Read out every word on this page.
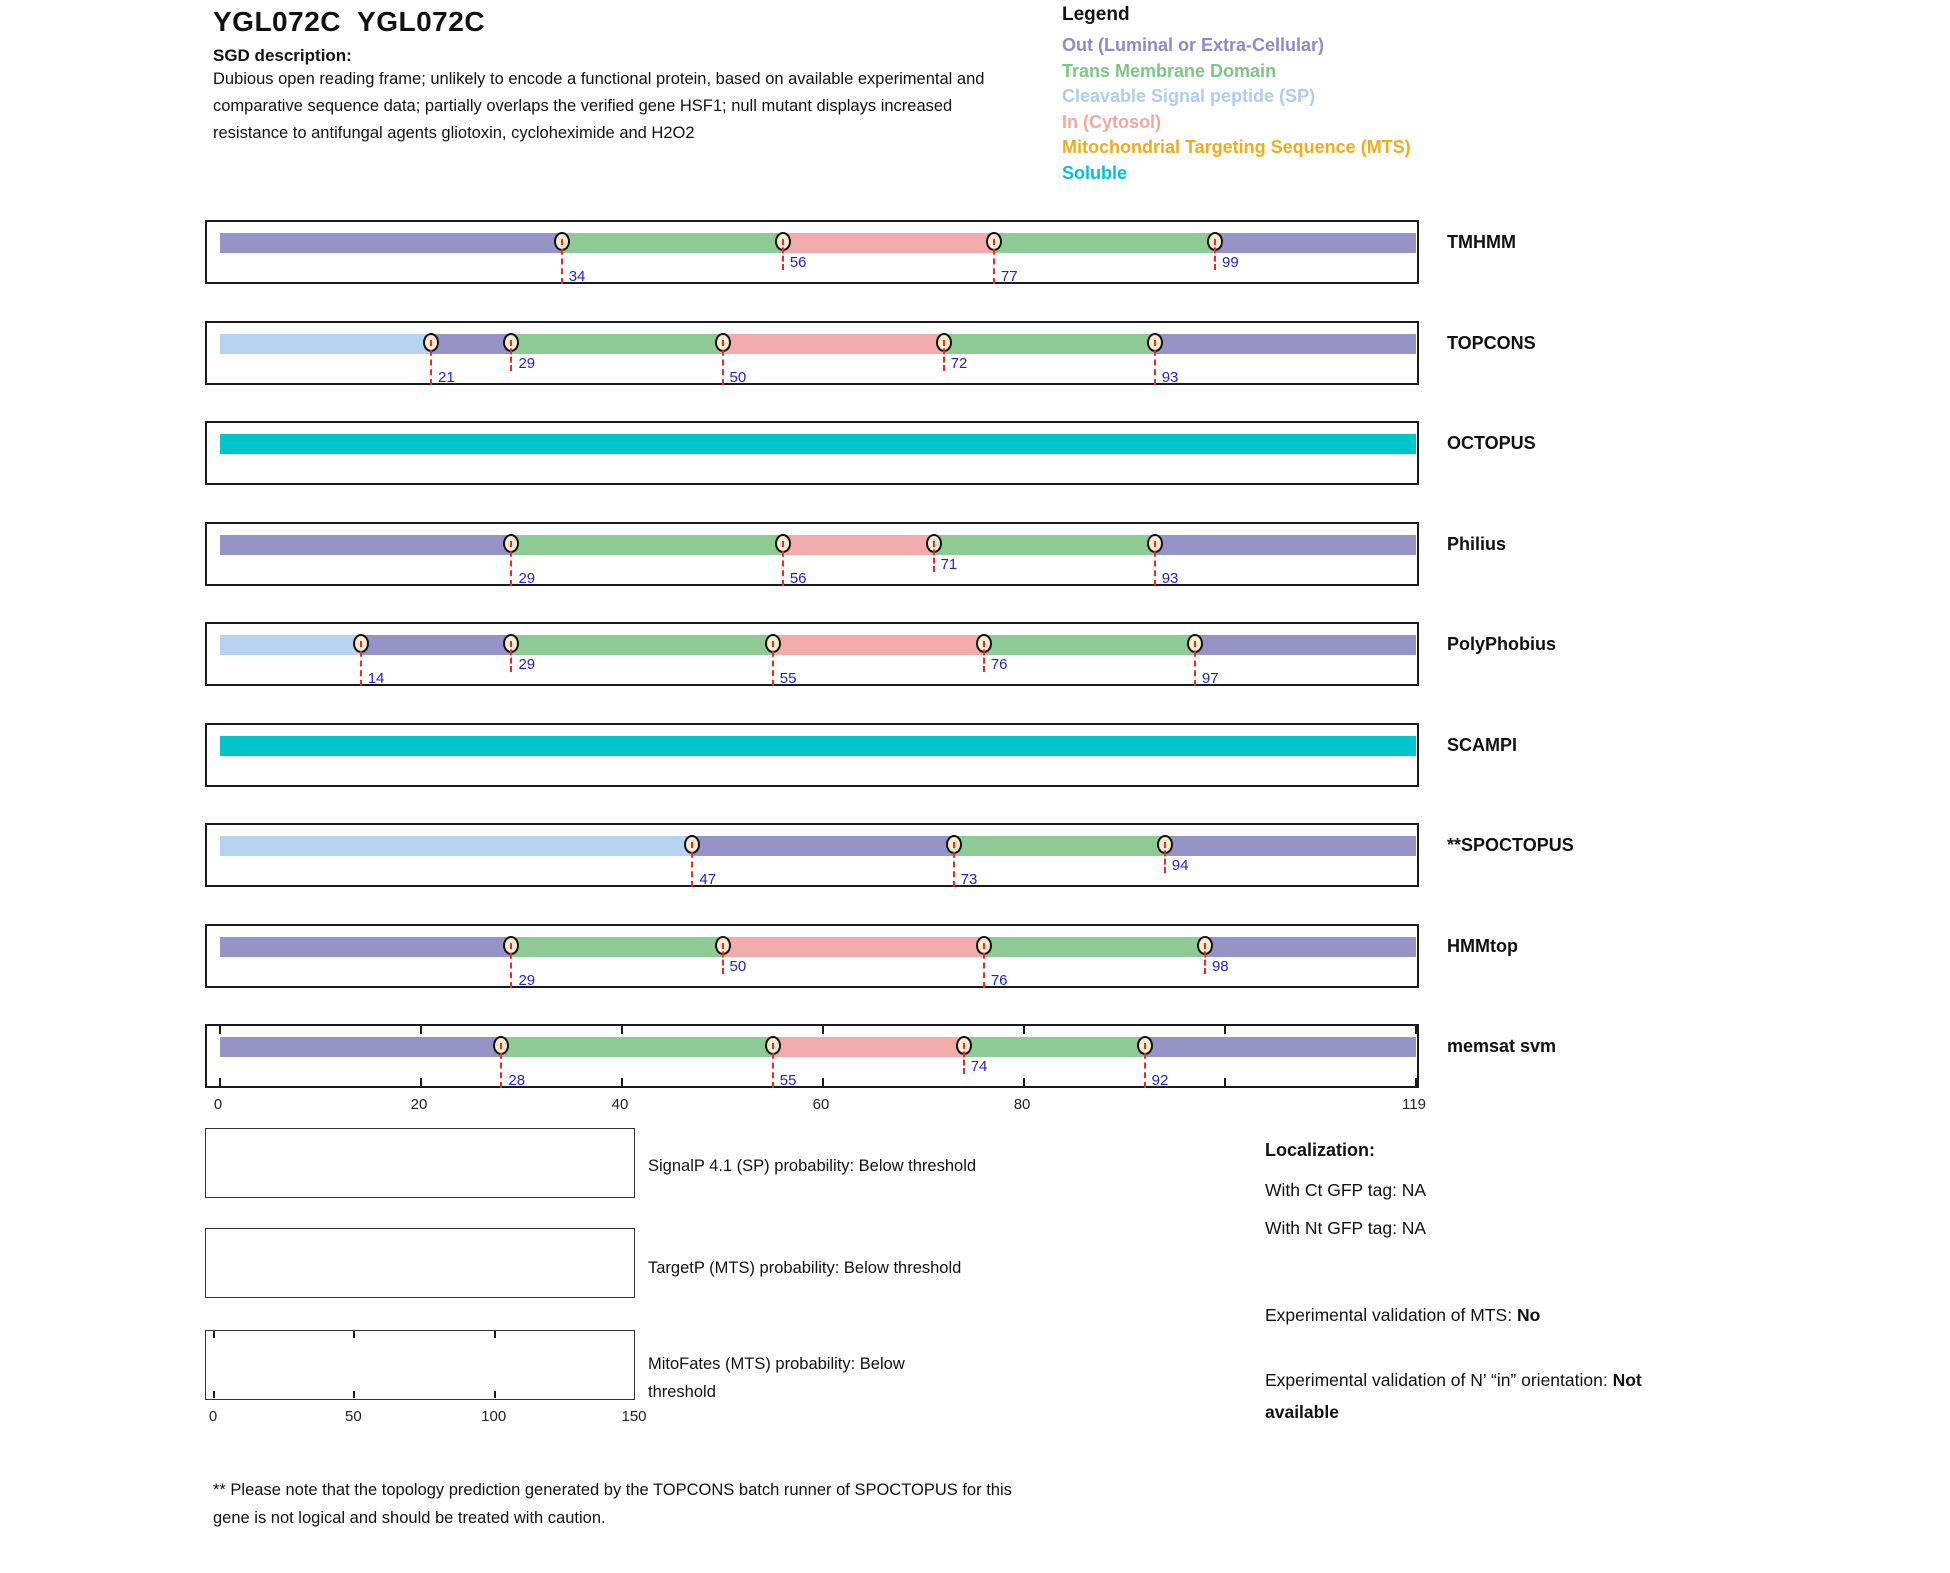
YGL072C  YGL072C
SGD description:
Dubious open reading frame; unlikely to encode a functional protein, based on available experimental and comparative sequence data; partially overlaps the verified gene HSF1; null mutant displays increased resistance to antifungal agents gliotoxin, cycloheximide and H2O2
Legend
Out (Luminal or Extra-Cellular)
Trans Membrane Domain
Cleavable Signal peptide (SP)
In (Cytosol)
Mitochondrial Targeting Sequence (MTS)
Soluble
34
56
77
99
TMHMM
21
29
50
72
93
TOPCONS
OCTOPUS
29	56
71
93
Philius
14
29
55
76
97
PolyPhobius
SCAMPI
47	73
94
**SPOCTOPUS
29
50
76
98
HMMtop
28	55
74
92
memsat svm
0	20	40	60	80	119
SignalP 4.1 (SP) probability: Below threshold
TargetP (MTS) probability: Below threshold
0	50	100	150
MitoFates (MTS) probability: Below threshold
Localization:
With Ct GFP tag: NA
With Nt GFP tag: NA
Experimental validation of MTS: No
Experimental validation of N’ “in” orientation: Not available
** Please note that the topology prediction generated by the TOPCONS batch runner of SPOCTOPUS for this gene is not logical and should be treated with caution.
